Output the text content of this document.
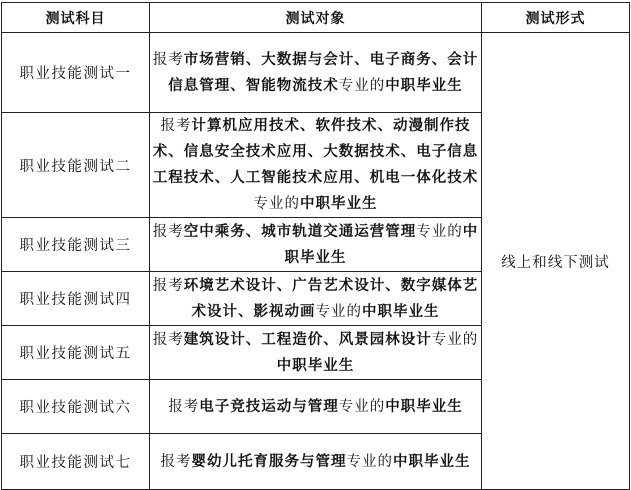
测试科目	测试对象	测试形式
职业技能测试一	报考市场营销、大数据与会计、电子商务、会计信息管理、智能物流技术专业的中职毕业生	线上和线下测试
职业技能测试二	报考计算机应用技术、软件技术、动漫制作技术、信息安全技术应用、大数据技术、电子信息工程技术、人工智能技术应用、机电一体化技术专业的中职毕业生	
职业技能测试三	报考空中乘务、城市轨道交通运营管理专业的中职毕业生	
职业技能测试四	报考环境艺术设计、广告艺术设计、数字媒体艺术设计、影视动画专业的中职毕业生	
职业技能测试五	报考建筑设计、工程造价、风景园林设计专业的中职毕业生	
职业技能测试六	报考电子竞技运动与管理专业的中职毕业生	
职业技能测试七	报考婴幼儿托育服务与管理专业的中职毕业生	
